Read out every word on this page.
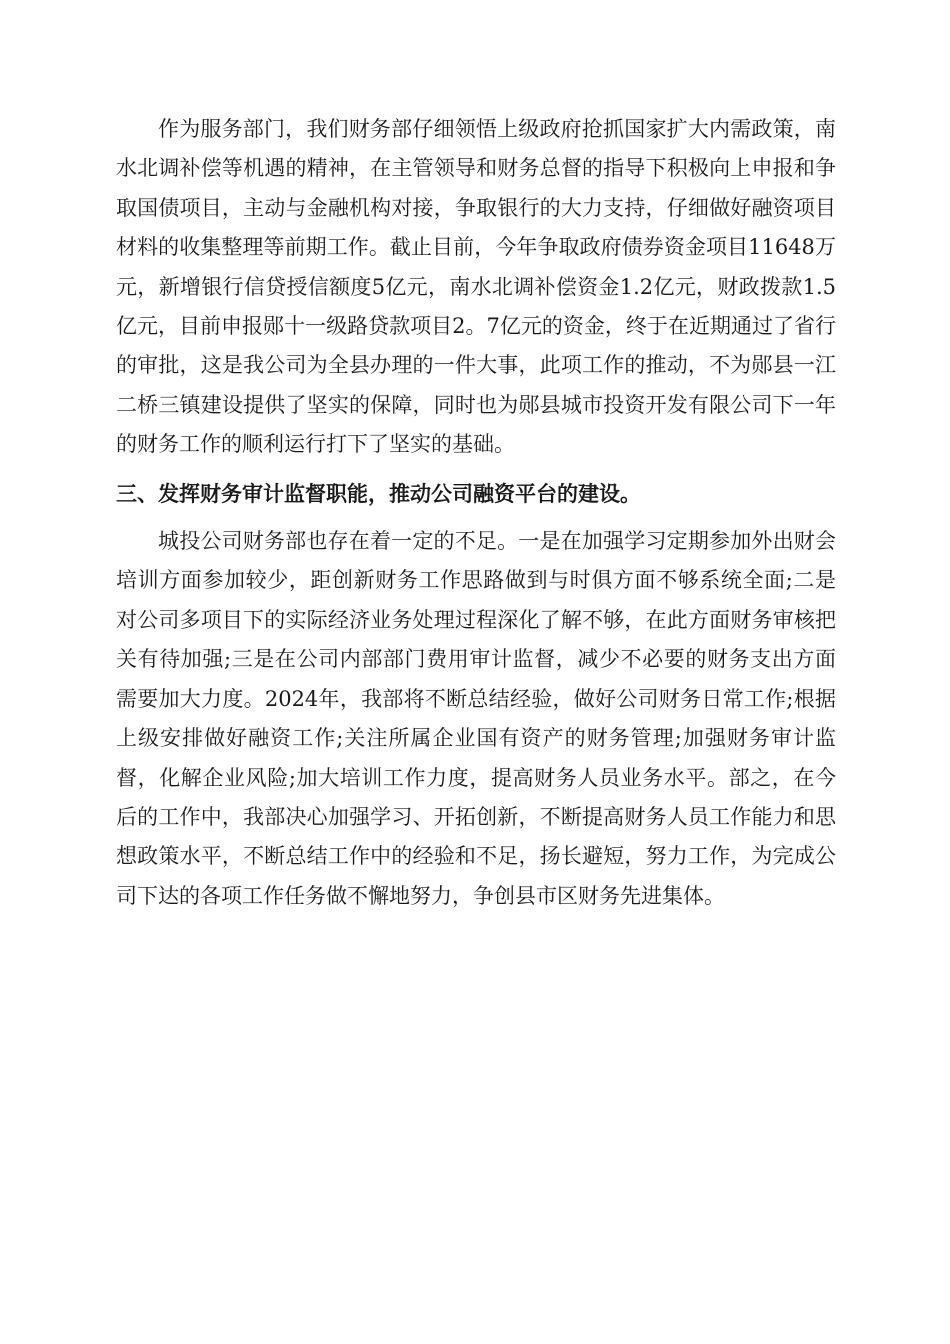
作为服务部门，我们财务部仔细领悟上级政府抢抓国家扩大内需政策，南水北调补偿等机遇的精神，在主管领导和财务总督的指导下积极向上申报和争取国债项目，主动与金融机构对接，争取银行的大力支持，仔细做好融资项目材料的收集整理等前期工作。截止目前，今年争取政府债券资金项目11648万元，新增银行信贷授信额度5亿元，南水北调补偿资金1.2亿元，财政拨款1.5亿元，目前申报郧十一级路贷款项目2。7亿元的资金，终于在近期通过了省行的审批，这是我公司为全县办理的一件大事，此项工作的推动，不为郧县一江二桥三镇建设提供了坚实的保障，同时也为郧县城市投资开发有限公司下一年的财务工作的顺利运行打下了坚实的基础。

三、发挥财务审计监督职能，推动公司融资平台的建设。

城投公司财务部也存在着一定的不足。一是在加强学习定期参加外出财会培训方面参加较少，距创新财务工作思路做到与时俱方面不够系统全面;二是对公司多项目下的实际经济业务处理过程深化了解不够，在此方面财务审核把关有待加强;三是在公司内部部门费用审计监督，减少不必要的财务支出方面需要加大力度。2024年，我部将不断总结经验，做好公司财务日常工作;根据上级安排做好融资工作;关注所属企业国有资产的财务管理;加强财务审计监督，化解企业风险;加大培训工作力度，提高财务人员业务水平。部之，在今后的工作中，我部决心加强学习、开拓创新，不断提高财务人员工作能力和思想政策水平，不断总结工作中的经验和不足，扬长避短，努力工作，为完成公司下达的各项工作任务做不懈地努力，争创县市区财务先进集体。
